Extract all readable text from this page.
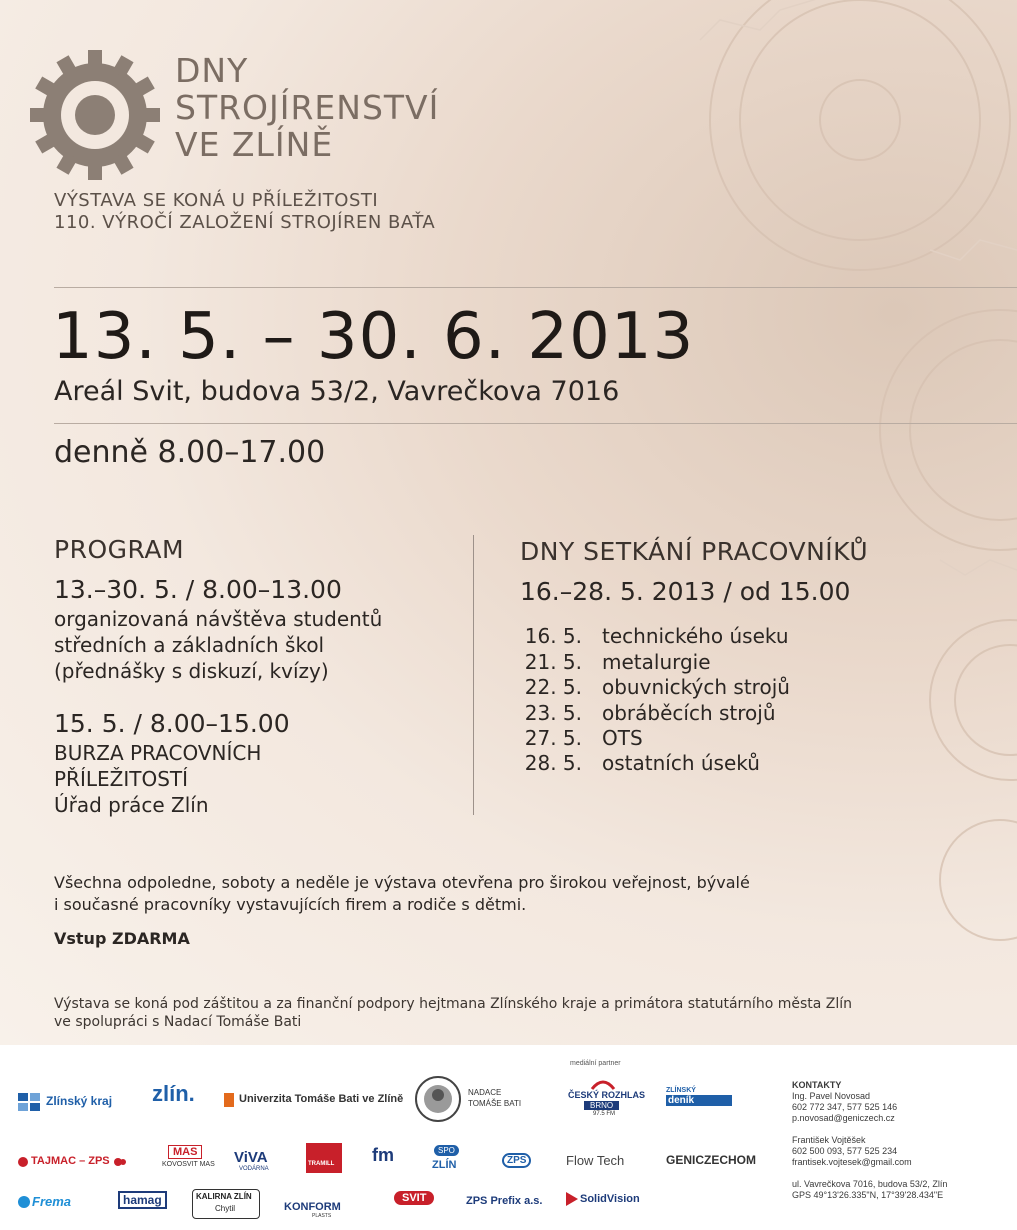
DNY
STROJÍRENSTVÍ
VE ZLÍNĚ
VÝSTAVA SE KONÁ U PŘÍLEŽITOSTI
110. VÝROČÍ ZALOŽENÍ STROJÍREN BAŤA
13. 5. – 30. 6. 2013
Areál Svit, budova 53/2, Vavrečkova 7016
denně 8.00–17.00
PROGRAM
13.–30. 5. / 8.00–13.00
organizovaná návštěva studentů
středních a základních škol
(přednášky s diskuzí, kvízy)
15. 5. / 8.00–15.00
BURZA PRACOVNÍCH
PŘÍLEŽITOSTÍ
Úřad práce Zlín
DNY SETKÁNÍ PRACOVNÍKŮ
16.–28. 5. 2013 / od 15.00
16. 5. technického úseku
21. 5. metalurgie
22. 5. obuvnických strojů
23. 5. obráběcích strojů
27. 5. OTS
28. 5. ostatních úseků
Všechna odpoledne, soboty a neděle je výstava otevřena pro širokou veřejnost, bývalé
i současné pracovníky vystavujících firem a rodiče s dětmi.
Vstup ZDARMA
Výstava se koná pod záštitou a za finanční podpory hejtmana Zlínského kraje a primátora statutárního města Zlín
ve spolupráci s Nadací Tomáše Bati
Zlínský kraj zlín.	Univerzita Tomáše Bati ve Zlíně
NADACE
TOMÁŠE BATI
mediální partner
ČESKÝ ROZHLAS
BRNO
97.5 FM
ZLÍNSKÝ
deník
TAJMAC – ZPS
MAS
KOVOSVIT MAS ViVA
VODÁRNA
TRAMILL fm	SPO
ZLÍN	ZPS	Flow Tech	GENICZECHOM
Frema	hamag	KALIRNA ZLÍN
Chytil	KONFORM
PLASTS
SVIT	ZPS Prefix a.s.	SolidVision
KONTAKTY
Ing. Pavel Novosad
602 772 347, 577 525 146
p.novosad@geniczech.cz
František Vojtěšek
602 500 093, 577 525 234
frantisek.vojtesek@gmail.com
ul. Vavrečkova 7016, budova 53/2, Zlín
GPS 49°13'26.335"N, 17°39'28.434"E
